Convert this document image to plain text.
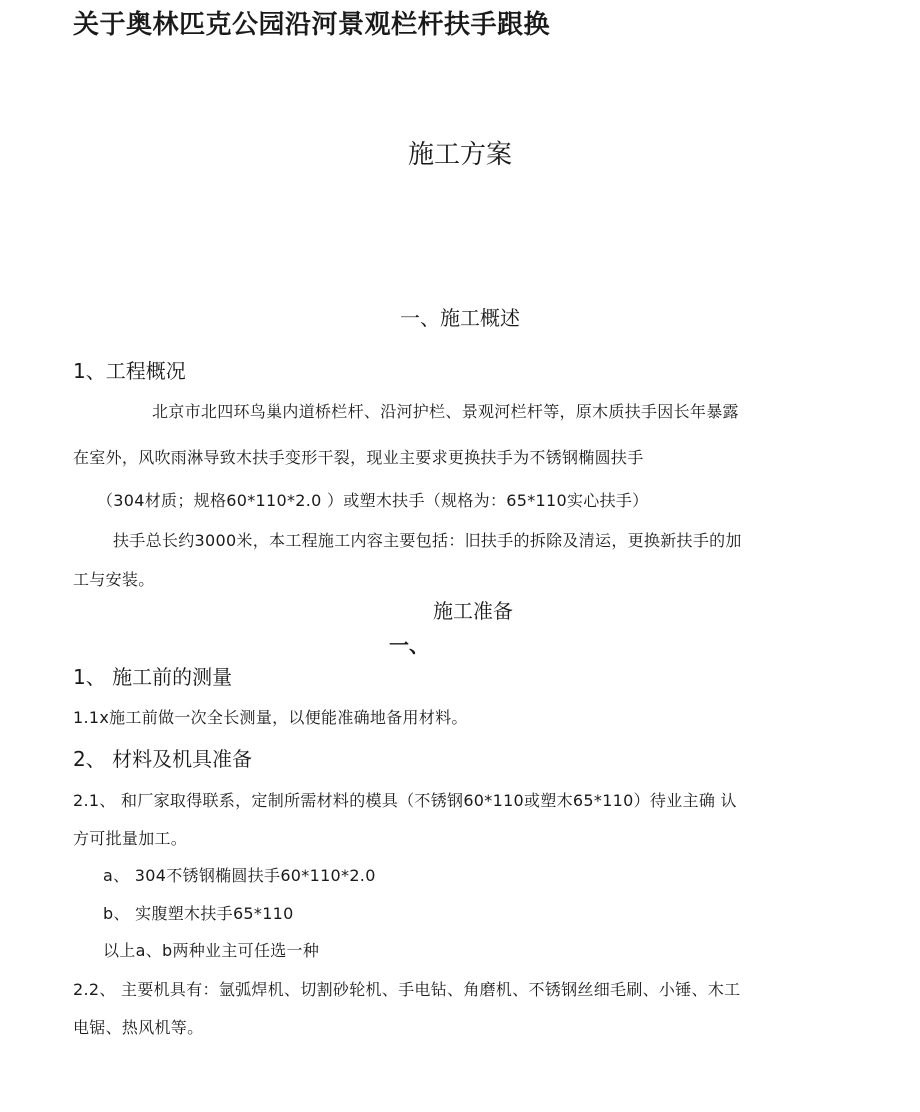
关于奥林匹克公园沿河景观栏杆扶手跟换
施工方案
一、施工概述
1、工程概况
北京市北四环鸟巢内道桥栏杆、沿河护栏、景观河栏杆等，原木质扶手因长年暴露
在室外，风吹雨淋导致木扶手变形干裂，现业主要求更换扶手为不锈钢椭圆扶手
（304材质；规格60*110*2.0 ）或塑木扶手（规格为：65*110实心扶手）
扶手总长约3000米，本工程施工内容主要包括：旧扶手的拆除及清运，更换新扶手的加
工与安装。
施工准备
一、
1、 施工前的测量
1.1x施工前做一次全长测量，以便能准确地备用材料。
2、 材料及机具准备
2.1、 和厂家取得联系，定制所需材料的模具（不锈钢60*110或塑木65*110）待业主确 认
方可批量加工。
a、 304不锈钢椭圆扶手60*110*2.0
b、 实腹塑木扶手65*110
以上a、b两种业主可任选一种
2.2、 主要机具有：氩弧焊机、切割砂轮机、手电钻、角磨机、不锈钢丝细毛刷、小锤、木工
电锯、热风机等。
